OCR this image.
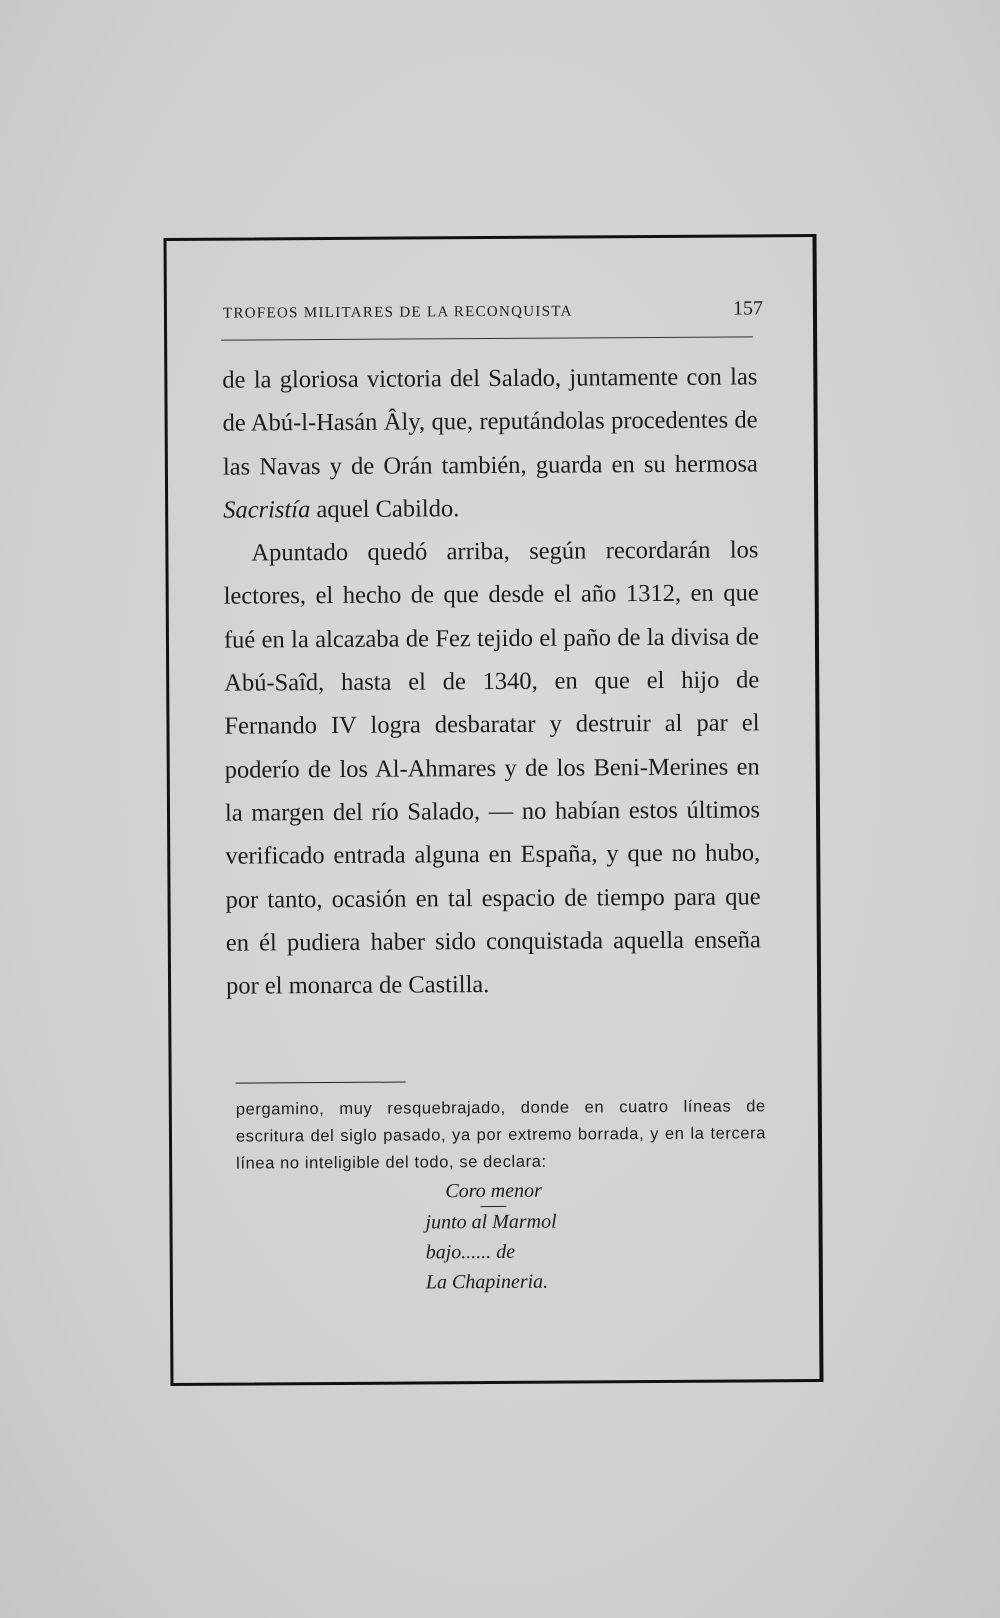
TROFEOS MILITARES DE LA RECONQUISTA	157

de la gloriosa victoria del Salado, juntamente con las de Abú-l-Hasán Âly, que, reputándolas procedentes de las Navas y de Orán también, guarda en su hermosa Sacristía aquel Cabildo.

Apuntado quedó arriba, según recordarán los lectores, el hecho de que desde el año 1312, en que fué en la alcazaba de Fez tejido el paño de la divisa de Abú-Saîd, hasta el de 1340, en que el hijo de Fernando IV logra desbaratar y destruir al par el poderío de los Al-Ahmares y de los Beni-Merines en la margen del río Salado, — no habían estos últimos verificado entrada alguna en España, y que no hubo, por tanto, ocasión en tal espacio de tiempo para que en él pudiera haber sido conquistada aquella enseña por el monarca de Castilla.

pergamino, muy resquebrajado, donde en cuatro líneas de escritura del siglo pasado, ya por extremo borrada, y en la tercera línea no inteligible del todo, se declara:
Coro menor
junto al Marmol
bajo...... de
La Chapineria.
